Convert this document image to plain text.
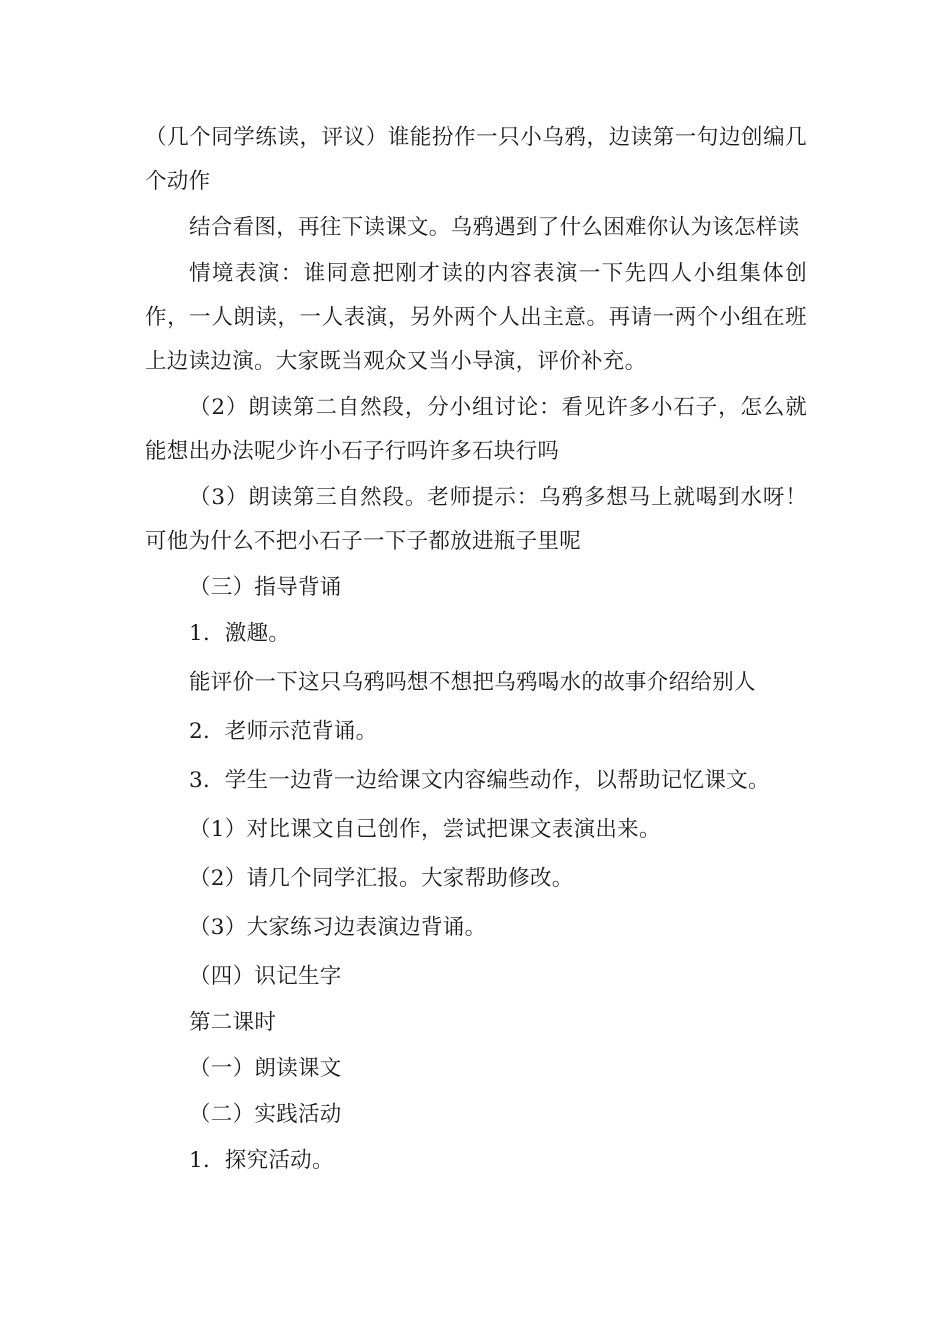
（几个同学练读，评议）谁能扮作一只小乌鸦，边读第一句边创编几个动作

结合看图，再往下读课文。乌鸦遇到了什么困难你认为该怎样读

情境表演：谁同意把刚才读的内容表演一下先四人小组集体创作，一人朗读，一人表演，另外两个人出主意。再请一两个小组在班上边读边演。大家既当观众又当小导演，评价补充。

（2）朗读第二自然段，分小组讨论：看见许多小石子，怎么就能想出办法呢少许小石子行吗许多石块行吗

（3）朗读第三自然段。老师提示：乌鸦多想马上就喝到水呀！可他为什么不把小石子一下子都放进瓶子里呢

（三）指导背诵

1．激趣。

能评价一下这只乌鸦吗想不想把乌鸦喝水的故事介绍给别人

2．老师示范背诵。

3．学生一边背一边给课文内容编些动作，以帮助记忆课文。

（1）对比课文自己创作，尝试把课文表演出来。

（2）请几个同学汇报。大家帮助修改。

（3）大家练习边表演边背诵。

（四）识记生字

第二课时

（一）朗读课文

（二）实践活动

1．探究活动。
